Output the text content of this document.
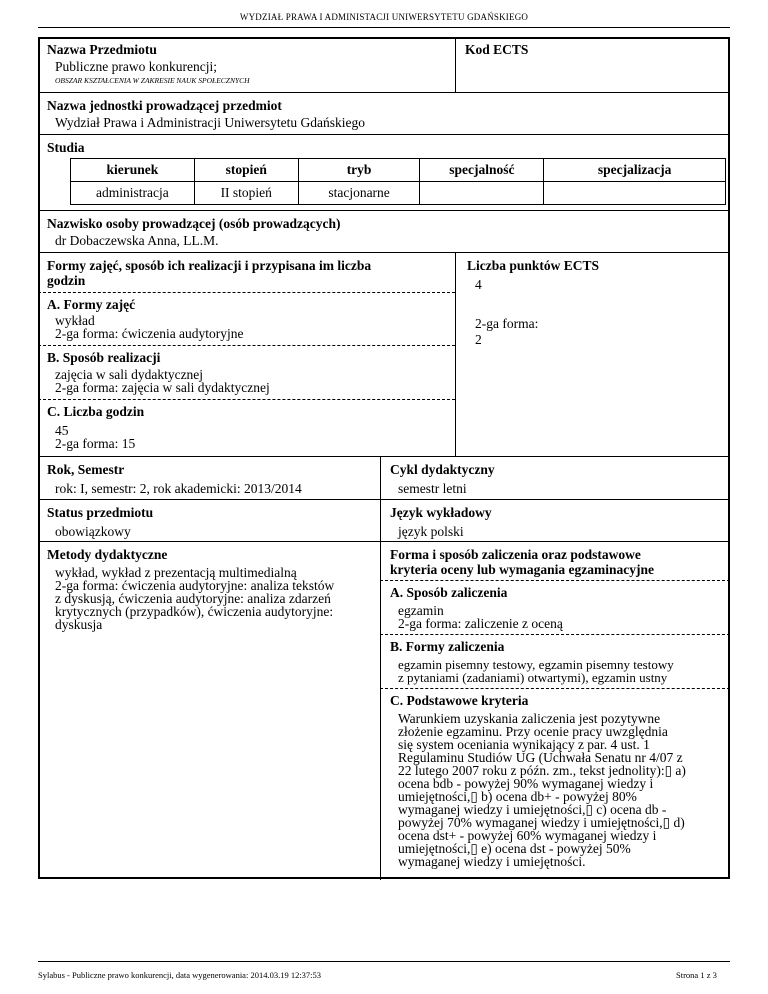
WYDZIAŁ PRAWA I ADMINISTACJI UNIWERSYTETU GDAŃSKIEGO
Nazwa Przedmiotu
Publiczne prawo konkurencji;
OBSZAR KSZTAŁCENIA W ZAKRESIE NAUK SPOŁECZNYCH
Kod ECTS
Nazwa jednostki prowadzącej przedmiot
Wydział Prawa i Administracji Uniwersytetu Gdańskiego
Studia
kierunek	stopień	tryb	specjalność	specjalizacja
administracja	II stopień	stacjonarne		
Nazwisko osoby prowadzącej (osób prowadzących)
dr Dobaczewska Anna, LL.M.
Formy zajęć, sposób ich realizacji i przypisana im liczba
godzin
A. Formy zajęć
wykład
2-ga forma: ćwiczenia audytoryjne
B. Sposób realizacji
zajęcia w sali dydaktycznej
2-ga forma: zajęcia w sali dydaktycznej
C. Liczba godzin
45
2-ga forma: 15
Liczba punktów ECTS
4
2-ga forma:
2
Rok, Semestr
rok: I, semestr: 2, rok akademicki: 2013/2014
Cykl dydaktyczny
semestr letni
Status przedmiotu
obowiązkowy
Język wykładowy
język polski
Metody dydaktyczne
wykład, wykład z prezentacją multimedialną
2-ga forma: ćwiczenia audytoryjne: analiza tekstów
z dyskusją, ćwiczenia audytoryjne: analiza zdarzeń
krytycznych (przypadków), ćwiczenia audytoryjne:
dyskusja
Forma i sposób zaliczenia oraz podstawowe
kryteria oceny lub wymagania egzaminacyjne
A. Sposób zaliczenia
egzamin
2-ga forma: zaliczenie z oceną
B. Formy zaliczenia
egzamin pisemny testowy, egzamin pisemny testowy
z pytaniami (zadaniami) otwartymi), egzamin ustny
C. Podstawowe kryteria
Warunkiem uzyskania zaliczenia jest pozytywne
złożenie egzaminu. Przy ocenie pracy uwzględnia
się system oceniania wynikający z par. 4 ust. 1
Regulaminu Studiów UG (Uchwała Senatu nr 4/07 z
22 lutego 2007 roku z późn. zm., tekst jednolity):▯ a)
ocena bdb - powyżej 90% wymaganej wiedzy i
umiejętności,▯ b) ocena db+ - powyżej 80%
wymaganej wiedzy i umiejętności,▯ c) ocena db -
powyżej 70% wymaganej wiedzy i umiejętności,▯ d)
ocena dst+ - powyżej 60% wymaganej wiedzy i
umiejętności,▯ e) ocena dst - powyżej 50%
wymaganej wiedzy i umiejętności.
Sylabus - Publiczne prawo konkurencji, data wygenerowania: 2014.03.19 12:37:53	Strona 1 z 3
